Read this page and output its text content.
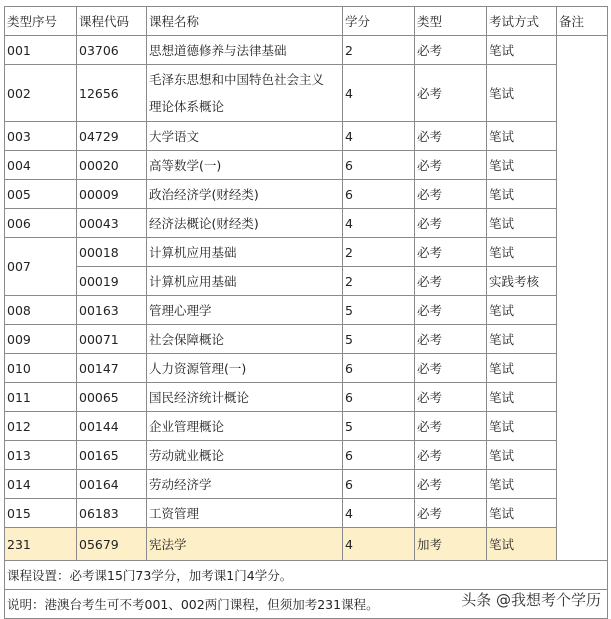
类型序号	课程代码	课程名称	学分	类型	考试方式	备注
001	03706	思想道德修养与法律基础	2	必考	笔试	
002	12656	毛泽东思想和中国特色社会主义理论体系概论	4	必考	笔试	
003	04729	大学语文	4	必考	笔试	
004	00020	高等数学(一)	6	必考	笔试	
005	00009	政治经济学(财经类)	6	必考	笔试	
006	00043	经济法概论(财经类)	4	必考	笔试	
007	00018	计算机应用基础	2	必考	笔试	
	00019	计算机应用基础	2	必考	实践考核	
008	00163	管理心理学	5	必考	笔试	
009	00071	社会保障概论	5	必考	笔试	
010	00147	人力资源管理(一)	6	必考	笔试	
011	00065	国民经济统计概论	6	必考	笔试	
012	00144	企业管理概论	5	必考	笔试	
013	00165	劳动就业概论	6	必考	笔试	
014	00164	劳动经济学	6	必考	笔试	
015	06183	工资管理	4	必考	笔试	
231	05679	宪法学	4	加考	笔试	
课程设置：必考课15门73学分，加考课1门4学分。						
说明：港澳台考生可不考001、002两门课程，但须加考231课程。							头条 @我想考个学历
